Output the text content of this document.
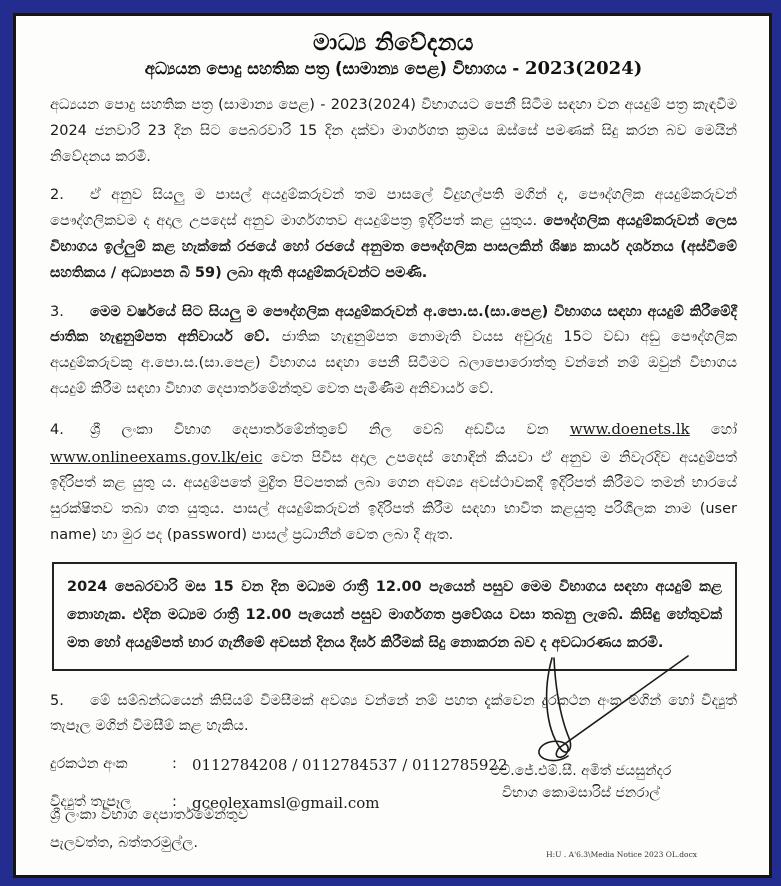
මාධ්‍ය නිවේදනය
අධ්‍යයන පොදු සහතික පත්‍ර (සාමාන්‍ය පෙළ) විභාගය - 2023(2024)

අධ්‍යයන පොදු සහතික පත්‍ර (සාමාන්‍ය පෙළ) - 2023(2024) විභාගයට පෙනී සිටීම සඳහා වන අයදුම් පත්‍ර කැඳවීම 2024 ජනවාරි 23 දින සිට පෙබරවාරි 15 දින දක්වා මාර්ගගත ක්‍රමය ඔස්සේ පමණක් සිදු කරන බව මෙයින් නිවේදනය කරමි.

2. ඒ අනුව සියලු ම පාසල් අයදුම්කරුවන් තම පාසලේ විදුහල්පති මගින් ද, පෞද්ගලික අයදුම්කරුවන් පෞද්ගලිකවම ද අදාල උපදෙස් අනුව මාර්ගගතව අයදුම්පත්‍ර ඉදිරිපත් කළ යුතුය. පෞද්ගලික අයදුම්කරුවන් ලෙස විභාගය ඉල්ලුම් කළ හැක්කේ රජයේ හෝ රජයේ අනුමත පෞද්ගලික පාසලකින් ශිෂ්‍ය කාර්ය දර්ශනය (අස්වීමේ සහතිකය / අධ්‍යාපන බී 59) ලබා ඇති අයදුම්කරුවන්ට පමණි.

3. මෙම වර්ෂයේ සිට සියලු ම පෞද්ගලික අයදුම්කරුවන් අ.පො.ස.(සා.පෙළ) විභාගය සඳහා අයදුම් කිරීමේදී ජාතික හැඳුනුම්පත අනිවාර්ය වේ. ජාතික හැඳුනුම්පත නොමැති වයස අවුරුදු 15ට වඩා අඩු පෞද්ගලික අයදුම්කරුවකු අ.පො.ස.(සා.පෙළ) විභාගය සඳහා පෙනී සිටීමට බලාපොරොත්තු වන්නේ නම් ඔවුන් විභාගය අයදුම් කිරීම සඳහා විභාග දෙපාර්තමේන්තුව වෙත පැමිණීම අනිවාර්ය වේ.

4. ශ්‍රී ලංකා විභාග දෙපාර්තමේන්තුවේ නිල වෙබ් අඩවිය වන www.doenets.lk හෝ www.onlineexams.gov.lk/eic වෙත පිවිස අදාල උපදෙස් හොඳින් කියවා ඒ අනුව ම නිවැරදිව අයදුම්පත් ඉදිරිපත් කළ යුතු ය. අයදුම්පතේ මුද්‍රිත පිටපතක් ලබා ගෙන අවශ්‍ය අවස්ථාවකදී ඉදිරිපත් කිරීමට තමන් භාරයේ සුරක්ෂිතව තබා ගත යුතුය. පාසල් අයදුම්කරුවන් ඉදිරිපත් කිරීම සඳහා භාවිත කළයුතු පරිශීලක නාම (user name) හා මුර පද (password) පාසල් ප්‍රධානීන් වෙත ලබා දී ඇත.

2024 පෙබරවාරි මස 15 වන දින මධ්‍යම රාත්‍රී 12.00 පැයෙන් පසුව මෙම විභාගය සඳහා අයදුම් කළ නොහැක. එදින මධ්‍යම රාත්‍රී 12.00 පැයෙන් පසුව මාර්ගගත ප්‍රවේශය වසා තබනු ලැබේ. කිසිඳු හේතුවක් මත හෝ අයදුම්පත් භාර ගැනීමේ අවසන් දිනය දීර්ඝ කිරීමක් සිදු නොකරන බව ද අවධාරණය කරමි.

5. මේ සම්බන්ධයෙන් කිසියම් විමසීමක් අවශ්‍ය වන්නේ නම් පහත දැක්වෙන දුරකථන අංක මගින් හෝ විද්‍යුත් තැපෑල මගින් විමසීම් කළ හැකිය.

දුරකථන අංක	:	0112784208 / 0112784537 / 0112785922
විද්‍යුත් තැපෑල	:	gceolexamsl@gmail.com
එච්.ජේ.එම්.සී. අමිත් ජයසුන්දර
විභාග කොමසාරිස් ජනරාල්
ශ්‍රී ලංකා විභාග දෙපාර්තමේන්තුව
පැලවත්ත, බත්තරමුල්ල.
H:U . A'6.3\Media Notice 2023 OL.docx
